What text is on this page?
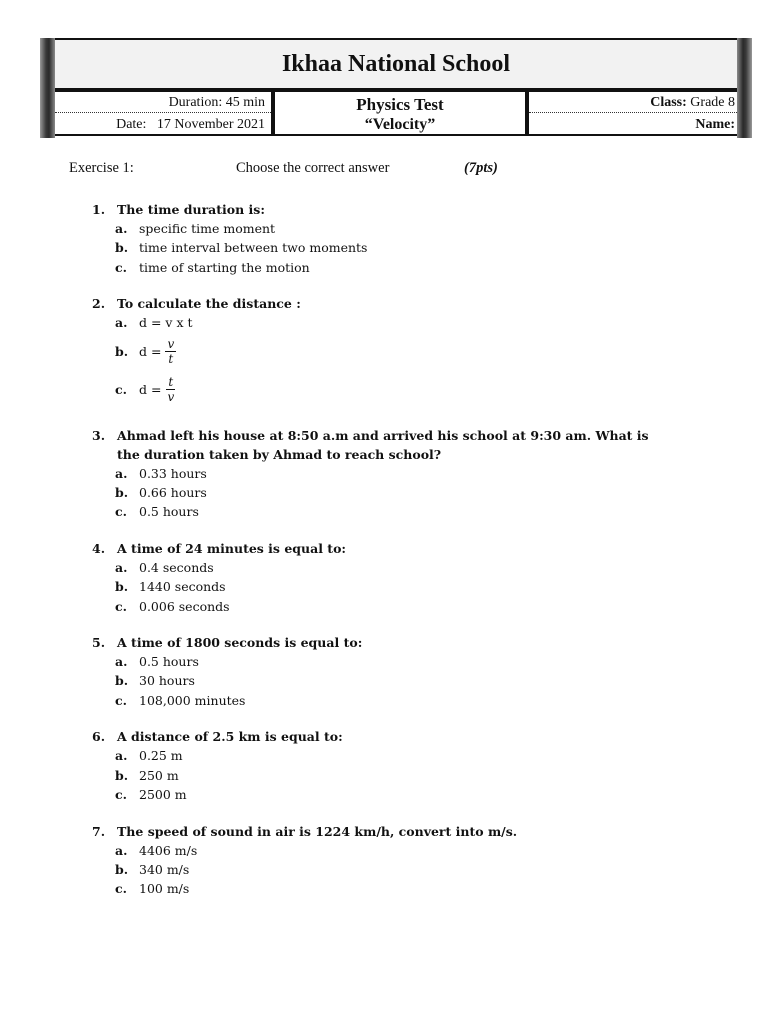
Ikhaa National School
Duration: 45 min
Date: 17 November 2021
Physics Test
“Velocity”
Class: Grade 8
Name:
Exercise 1:	Choose the correct answer	(7pts)
1. The time duration is:
a. specific time moment
b. time interval between two moments
c. time of starting the motion
2. To calculate the distance :
a. d = v x t
b. $d = \frac{v}{t}$
c. $d = \frac{t}{v}$
3. Ahmad left his house at 8:50 a.m and arrived his school at 9:30 am. What is the duration taken by Ahmad to reach school?
a. 0.33 hours
b. 0.66 hours
c. 0.5 hours
4. A time of 24 minutes is equal to:
a. 0.4 seconds
b. 1440 seconds
c. 0.006 seconds
5. A time of 1800 seconds is equal to:
a. 0.5 hours
b. 30 hours
c. 108,000 minutes
6. A distance of 2.5 km is equal to:
a. 0.25 m
b. 250 m
c. 2500 m
7. The speed of sound in air is 1224 km/h, convert into m/s.
a. 4406 m/s
b. 340 m/s
c. 100 m/s
